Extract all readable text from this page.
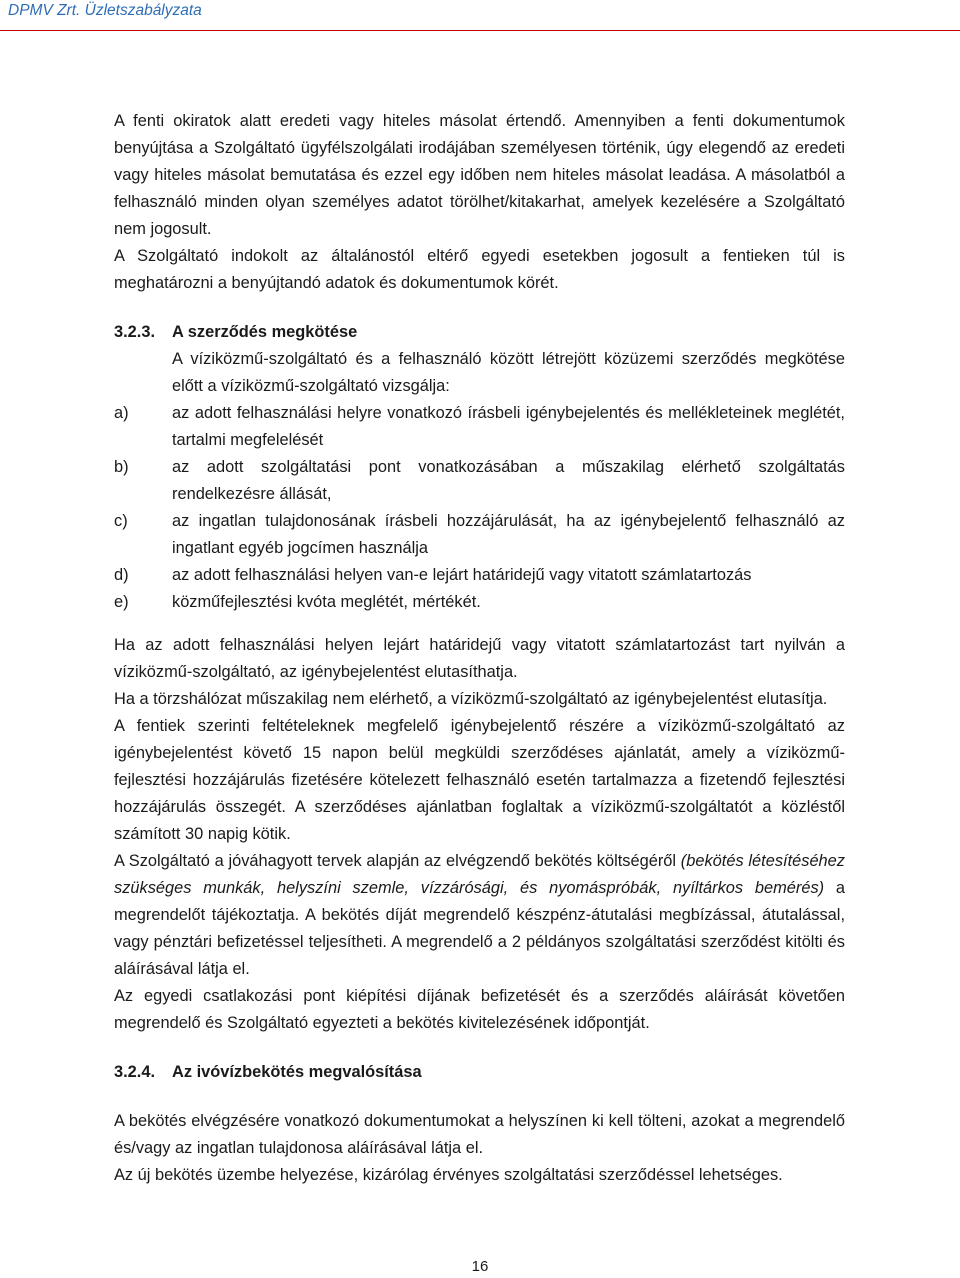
DPMV Zrt. Üzletszabályzata

A fenti okiratok alatt eredeti vagy hiteles másolat értendő. Amennyiben a fenti dokumentumok benyújtása a Szolgáltató ügyfélszolgálati irodájában személyesen történik, úgy elegendő az eredeti vagy hiteles másolat bemutatása és ezzel egy időben nem hiteles másolat leadása. A másolatból a felhasználó minden olyan személyes adatot törölhet/kitakarhat, amelyek kezelésére a Szolgáltató nem jogosult.

A Szolgáltató indokolt az általánostól eltérő egyedi esetekben jogosult a fentieken túl is meghatározni a benyújtandó adatok és dokumentumok körét.

3.2.3.	A szerződés megkötése

A víziközmű-szolgáltató és a felhasználó között létrejött közüzemi szerződés megkötése előtt a víziközmű-szolgáltató vizsgálja:

a)	az adott felhasználási helyre vonatkozó írásbeli igénybejelentés és mellékleteinek meglétét, tartalmi megfelelését
b)	az adott szolgáltatási pont vonatkozásában a műszakilag elérhető szolgáltatás rendelkezésre állását,
c)	az ingatlan tulajdonosának írásbeli hozzájárulását, ha az igénybejelentő felhasználó az ingatlant egyéb jogcímen használja
d)	az adott felhasználási helyen van-e lejárt határidejű vagy vitatott számlatartozás
e)	közműfejlesztési kvóta meglétét, mértékét.

Ha az adott felhasználási helyen lejárt határidejű vagy vitatott számlatartozást tart nyilván a víziközmű-szolgáltató, az igénybejelentést elutasíthatja.

Ha a törzshálózat műszakilag nem elérhető, a víziközmű-szolgáltató az igénybejelentést elutasítja.

A fentiek szerinti feltételeknek megfelelő igénybejelentő részére a víziközmű-szolgáltató az igénybejelentést követő 15 napon belül megküldi szerződéses ajánlatát, amely a víziközmű-fejlesztési hozzájárulás fizetésére kötelezett felhasználó esetén tartalmazza a fizetendő fejlesztési hozzájárulás összegét. A szerződéses ajánlatban foglaltak a víziközmű-szolgáltatót a közléstől számított 30 napig kötik.

A Szolgáltató a jóváhagyott tervek alapján az elvégzendő bekötés költségéről (bekötés létesítéséhez szükséges munkák, helyszíni szemle, vízzárósági, és nyomáspróbák, nyíltárkos bemérés) a megrendelőt tájékoztatja. A bekötés díját megrendelő készpénz-átutalási megbízással, átutalással, vagy pénztári befizetéssel teljesítheti. A megrendelő a 2 példányos szolgáltatási szerződést kitölti és aláírásával látja el.

Az egyedi csatlakozási pont kiépítési díjának befizetését és a szerződés aláírását követően megrendelő és Szolgáltató egyezteti a bekötés kivitelezésének időpontját.

3.2.4.	Az ivóvízbekötés megvalósítása

A bekötés elvégzésére vonatkozó dokumentumokat a helyszínen ki kell tölteni, azokat a megrendelő és/vagy az ingatlan tulajdonosa aláírásával látja el.

Az új bekötés üzembe helyezése, kizárólag érvényes szolgáltatási szerződéssel lehetséges.

16
